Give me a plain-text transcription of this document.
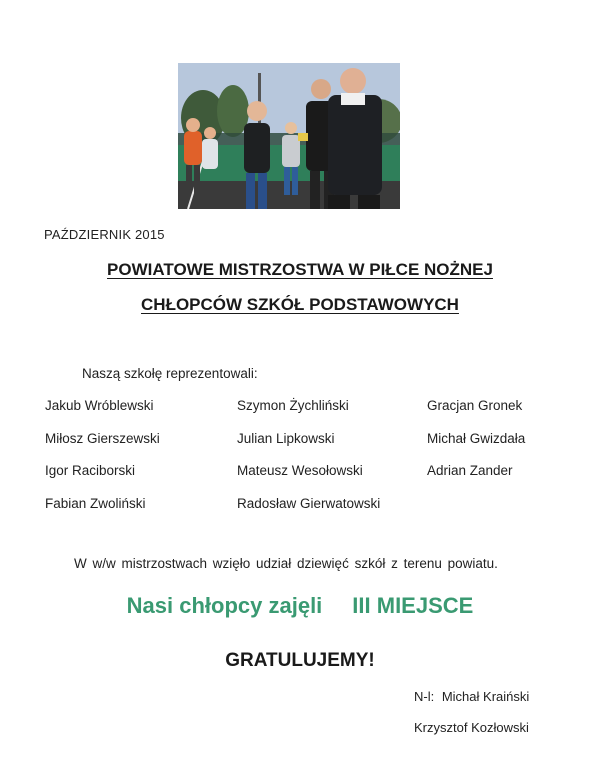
PAŹDZIERNIK 2015
POWIATOWE MISTRZOSTWA W PIŁCE NOŻNEJ
CHŁOPCÓW SZKÓŁ PODSTAWOWYCH
Naszą szkołę reprezentowali:
Jakub Wróblewski
Miłosz Gierszewski
Igor Raciborski
Fabian Zwoliński
Szymon Żychliński
Julian Lipkowski
Mateusz Wesołowski
Radosław Gierwatowski
Gracjan Gronek
Michał Gwizdała
Adrian Zander
W w/w mistrzostwach wzięło udział dziewięć szkół z terenu powiatu.
Nasi chłopcy zajęli III MIEJSCE
GRATULUJEMY!
N-l: Michał Kraiński
Krzysztof Kozłowski
